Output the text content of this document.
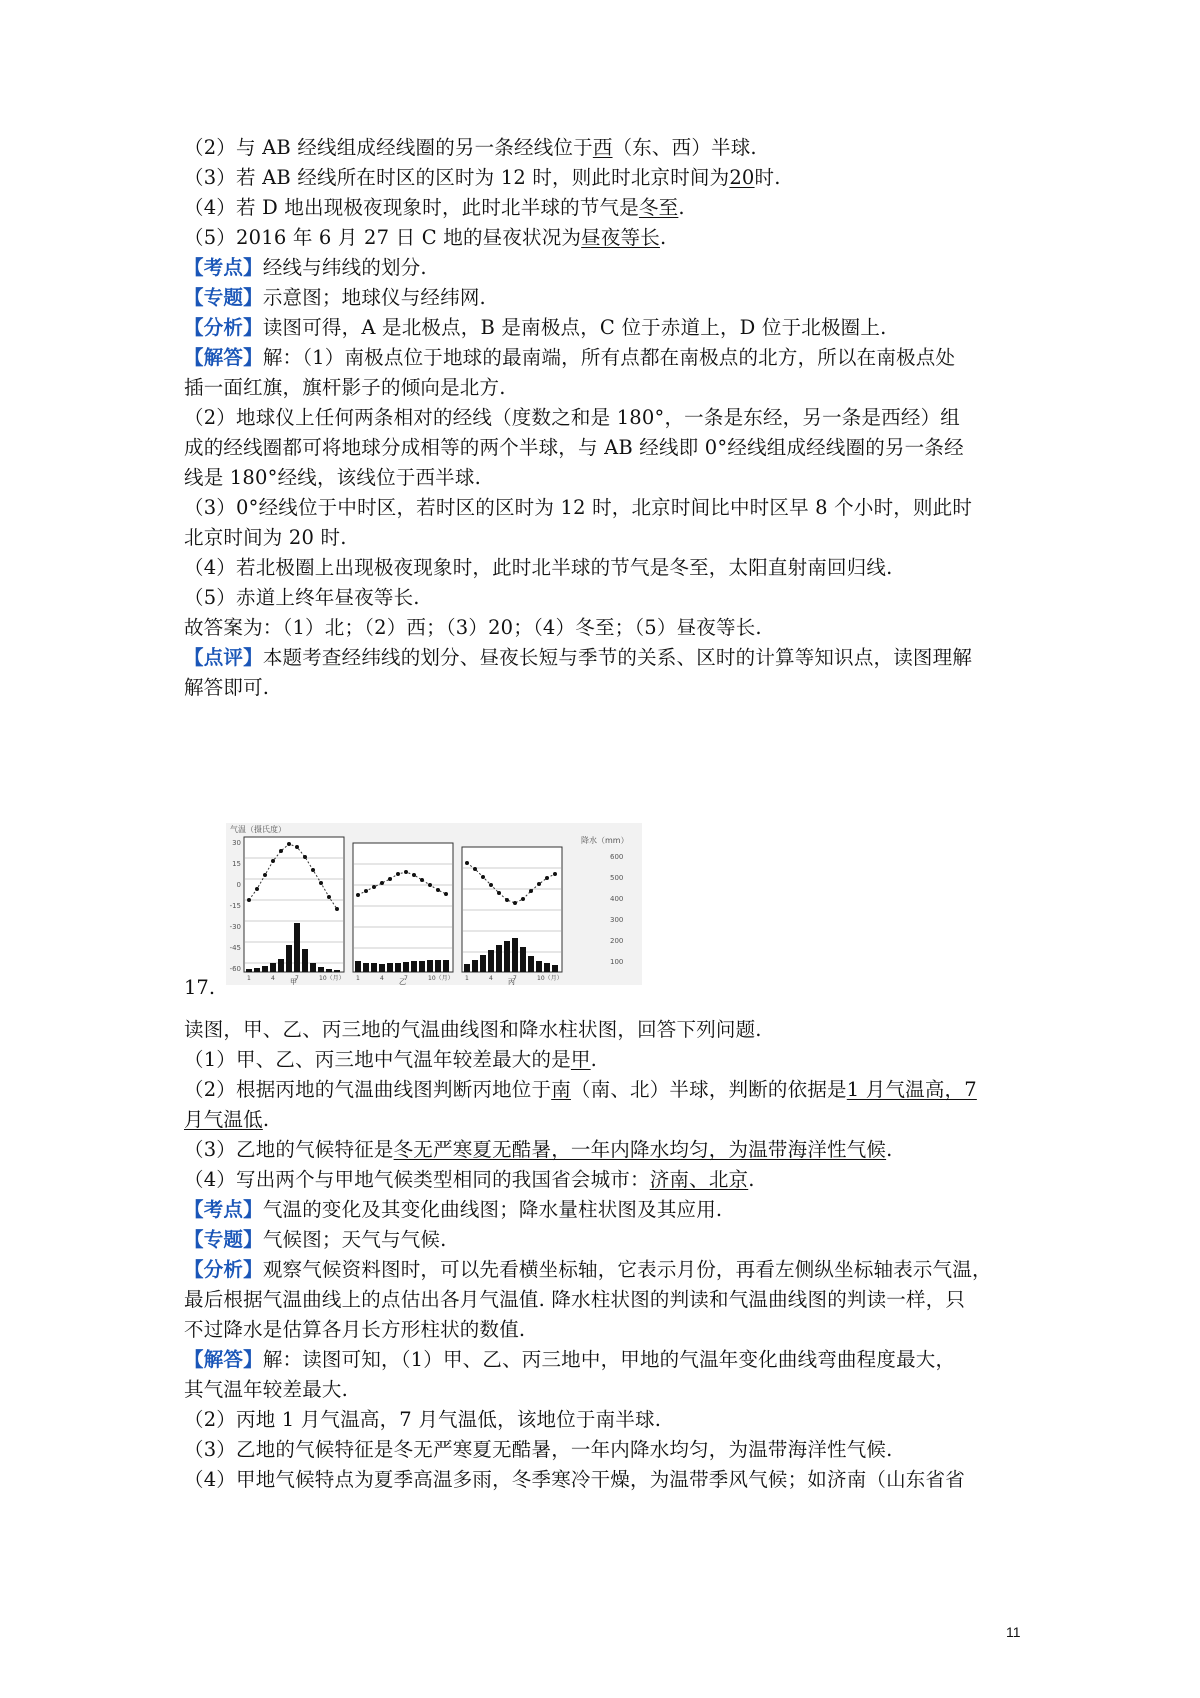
（2）与 AB 经线组成经线圈的另一条经线位于西（东、西）半球.
（3）若 AB 经线所在时区的区时为 12 时，则此时北京时间为20时.
（4）若 D 地出现极夜现象时，此时北半球的节气是冬至.
（5）2016 年 6 月 27 日 C 地的昼夜状况为昼夜等长.
【考点】经线与纬线的划分.
【专题】示意图；地球仪与经纬网.
【分析】读图可得，A 是北极点，B 是南极点，C 位于赤道上，D 位于北极圈上.
【解答】解：（1）南极点位于地球的最南端，所有点都在南极点的北方，所以在南极点处
插一面红旗，旗杆影子的倾向是北方.
（2）地球仪上任何两条相对的经线（度数之和是 180°，一条是东经，另一条是西经）组
成的经线圈都可将地球分成相等的两个半球，与 AB 经线即 0°经线组成经线圈的另一条经
线是 180°经线，该线位于西半球.
（3）0°经线位于中时区，若时区的区时为 12 时，北京时间比中时区早 8 个小时，则此时
北京时间为 20 时.
（4）若北极圈上出现极夜现象时，此时北半球的节气是冬至，太阳直射南回归线.
（5）赤道上终年昼夜等长.
故答案为：（1）北；（2）西；（3）20；（4）冬至；（5）昼夜等长.
【点评】本题考查经纬线的划分、昼夜长短与季节的关系、区时的计算等知识点，读图理解
解答即可.
17.
气温（摄氏度）
降水（mm）
30
15
0
-15
-30
-45
-60
600
500
400
300
200
100
1	4	7	10（月）
甲	1	4	7	10（月）
乙	1	4	7	10（月）
丙
读图，甲、乙、丙三地的气温曲线图和降水柱状图，回答下列问题.
（1）甲、乙、丙三地中气温年较差最大的是甲.
（2）根据丙地的气温曲线图判断丙地位于南（南、北）半球，判断的依据是1 月气温高，7
月气温低.
（3）乙地的气候特征是冬无严寒夏无酷暑，一年内降水均匀，为温带海洋性气候.
（4）写出两个与甲地气候类型相同的我国省会城市：济南、北京.
【考点】气温的变化及其变化曲线图；降水量柱状图及其应用.
【专题】气候图；天气与气候.
【分析】观察气候资料图时，可以先看横坐标轴，它表示月份，再看左侧纵坐标轴表示气温，
最后根据气温曲线上的点估出各月气温值. 降水柱状图的判读和气温曲线图的判读一样，只
不过降水是估算各月长方形柱状的数值.
【解答】解：读图可知，（1）甲、乙、丙三地中，甲地的气温年变化曲线弯曲程度最大，
其气温年较差最大.
（2）丙地 1 月气温高，7 月气温低，该地位于南半球.
（3）乙地的气候特征是冬无严寒夏无酷暑，一年内降水均匀，为温带海洋性气候.
（4）甲地气候特点为夏季高温多雨，冬季寒冷干燥，为温带季风气候；如济南（山东省省
11
